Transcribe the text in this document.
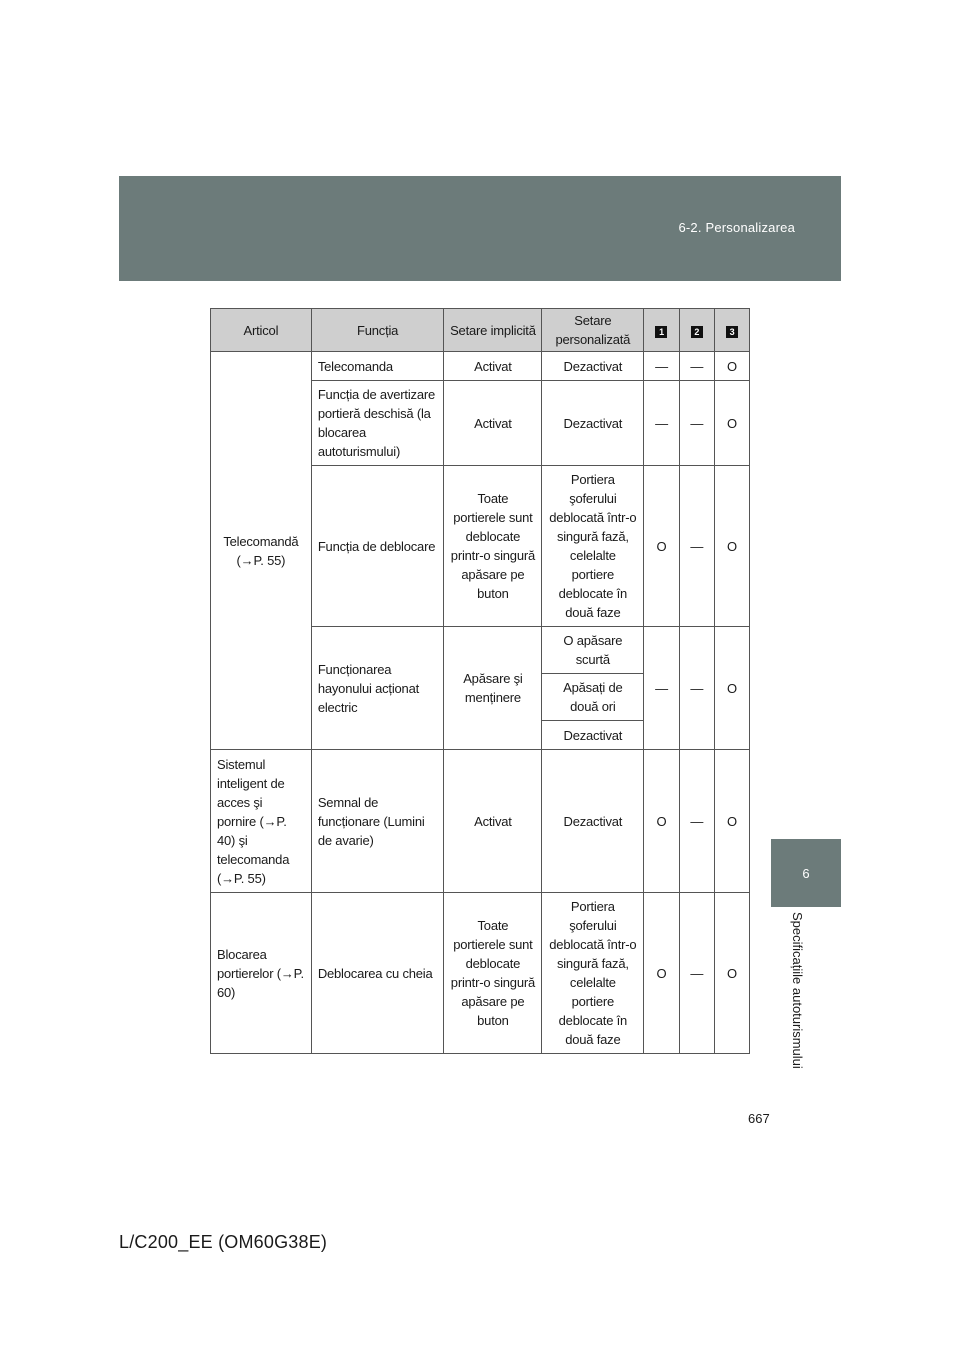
6-2. Personalizarea
6
Specificațiile autoturismului
Articol	Funcția	Setare implicită	Setare personalizată	1	2	3
Telecomandă (→P. 55)	Telecomanda	Activat	Dezactivat	—	—	O
	Funcția de avertizare portieră deschisă (la blocarea autoturismului)	Activat	Dezactivat	—	—	O
	Funcția de deblocare	Toate portierele sunt deblocate printr-o singură apăsare pe buton	Portiera şoferului deblocată într-o singură fază, celelalte portiere deblocate în două faze	O	—	O
	Funcționarea hayonului acționat electric	Apăsare şi menținere	O apăsare scurtă	—	—	O
			Apăsați de două ori			
			Dezactivat			
Sistemul inteligent de acces şi pornire (→P. 40) şi telecomanda (→P. 55)	Semnal de funcționare (Lumini de avarie)	Activat	Dezactivat	O	—	O
Blocarea portierelor (→P. 60)	Deblocarea cu cheia	Toate portierele sunt deblocate printr-o singură apăsare pe buton	Portiera şoferului deblocată într-o singură fază, celelalte portiere deblocate în două faze	O	—	O
667
L/C200_EE (OM60G38E)
